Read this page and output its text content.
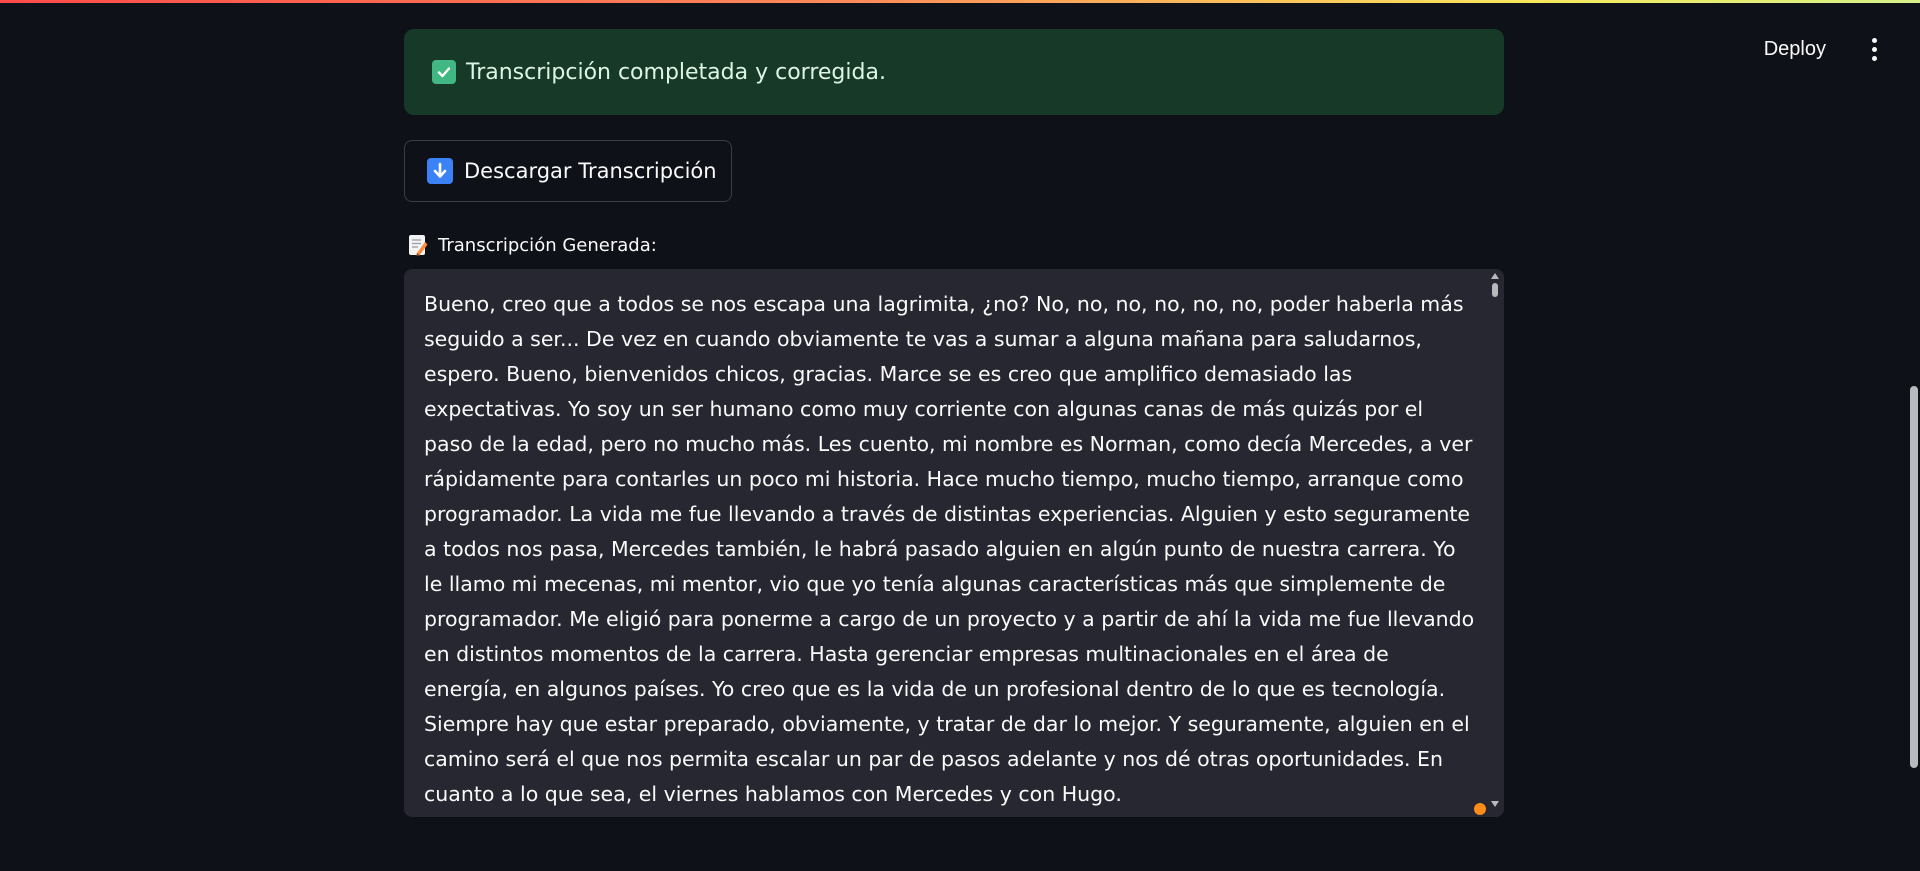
Deploy
Transcripción completada y corregida.
Descargar Transcripción
Transcripción Generada:
Bueno, creo que a todos se nos escapa una lagrimita, ¿no? No, no, no, no, no, no, poder haberla más seguido a ser... De vez en cuando obviamente te vas a sumar a alguna mañana para saludarnos, espero. Bueno, bienvenidos chicos, gracias. Marce se es creo que amplifico demasiado las expectativas. Yo soy un ser humano como muy corriente con algunas canas de más quizás por el paso de la edad, pero no mucho más. Les cuento, mi nombre es Norman, como decía Mercedes, a ver rápidamente para contarles un poco mi historia. Hace mucho tiempo, mucho tiempo, arranque como programador. La vida me fue llevando a través de distintas experiencias. Alguien y esto seguramente a todos nos pasa, Mercedes también, le habrá pasado alguien en algún punto de nuestra carrera. Yo le llamo mi mecenas, mi mentor, vio que yo tenía algunas características más que simplemente de programador. Me eligió para ponerme a cargo de un proyecto y a partir de ahí la vida me fue llevando en distintos momentos de la carrera. Hasta gerenciar empresas multinacionales en el área de energía, en algunos países. Yo creo que es la vida de un profesional dentro de lo que es tecnología. Siempre hay que estar preparado, obviamente, y tratar de dar lo mejor. Y seguramente, alguien en el camino será el que nos permita escalar un par de pasos adelante y nos dé otras oportunidades. En cuanto a lo que sea, el viernes hablamos con Mercedes y con Hugo.
